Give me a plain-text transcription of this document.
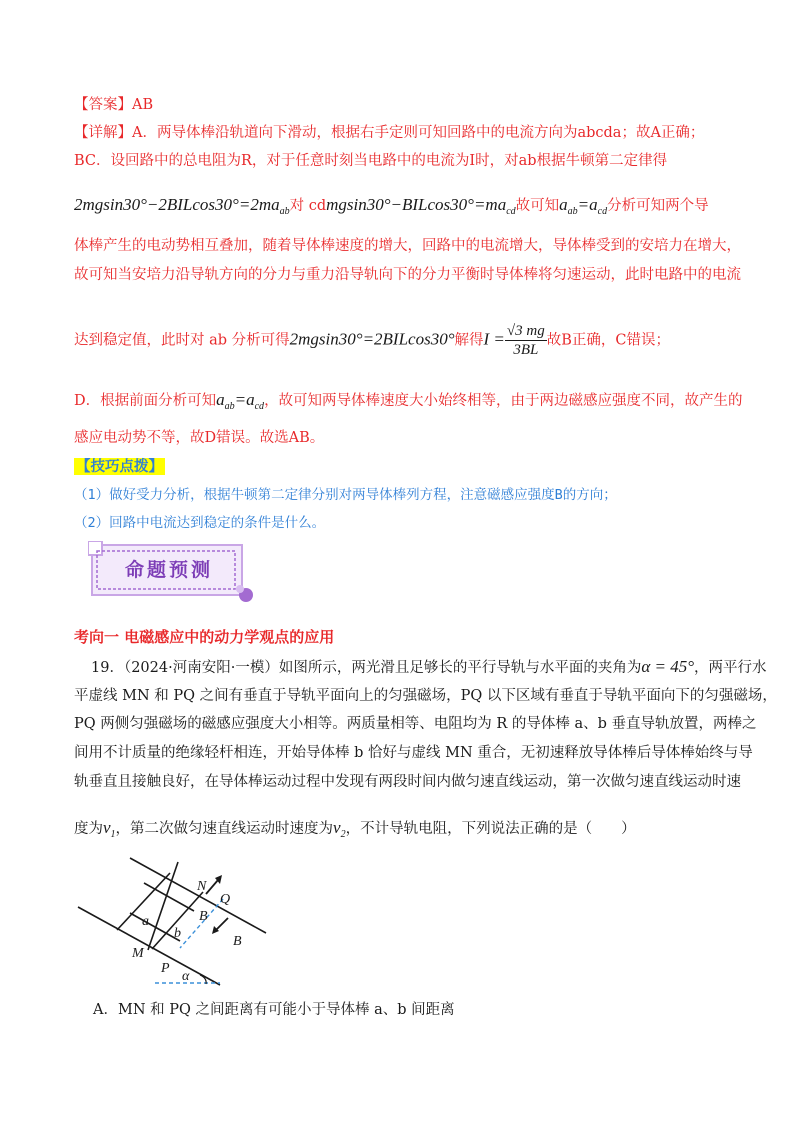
【答案】AB
【详解】A．两导体棒沿轨道向下滑动，根据右手定则可知回路中的电流方向为abcda；故A正确；
BC．设回路中的总电阻为R，对于任意时刻当电路中的电流为I时，对ab根据牛顿第二定律得
$2mgsin30^\circ-2BILcos30^\circ=2ma_{ab}$对 $cdmgsin30^\circ-BILcos30^\circ=ma_{cd}$故可知$a_{ab}=a_{cd}$分析可知两个导
体棒产生的电动势相互叠加，随着导体棒速度的增大，回路中的电流增大，导体棒受到的安培力在增大，
故可知当安培力沿导轨方向的分力与重力沿导轨向下的分力平衡时导体棒将匀速运动，此时电路中的电流
达到稳定值，此时对 ab 分析可得2mgsin30°=2BILcos30°解得$I = \frac{√3 mg}{3BL}$ 故B正确，C错误；
D．根据前面分析可知$a_{ab}=a_{cd}$，故可知两导体棒速度大小始终相等，由于两边磁感应强度不同，故产生的
感应电动势不等，故D错误。故选AB。
【技巧点拨】
（1）做好受力分析，根据牛顿第二定律分别对两导体棒列方程，注意磁感应强度B的方向；
（2）回路中电流达到稳定的条件是什么。
命题预测
考向一 电磁感应中的动力学观点的应用
19．（2024·河南安阳·一模）如图所示，两光滑且足够长的平行导轨与水平面的夹角为α = 45°，两平行水
平虚线 MN 和 PQ 之间有垂直于导轨平面向上的匀强磁场，PQ 以下区域有垂直于导轨平面向下的匀强磁场，
PQ 两侧匀强磁场的磁感应强度大小相等。两质量相等、电阻均为 R 的导体棒 a、b 垂直导轨放置，两棒之
间用不计质量的绝缘轻杆相连，开始导体棒 b 恰好与虚线 MN 重合，无初速释放导体棒后导体棒始终与导
轨垂直且接触良好，在导体棒运动过程中发现有两段时间内做匀速直线运动，第一次做匀速直线运动时速
度为$v_1$，第二次做匀速直线运动时速度为$v_2$，不计导轨电阻，下列说法正确的是（　　）
N
Q
B
B
a
b
M
P
α
A．MN 和 PQ 之间距离有可能小于导体棒 a、b 间距离
